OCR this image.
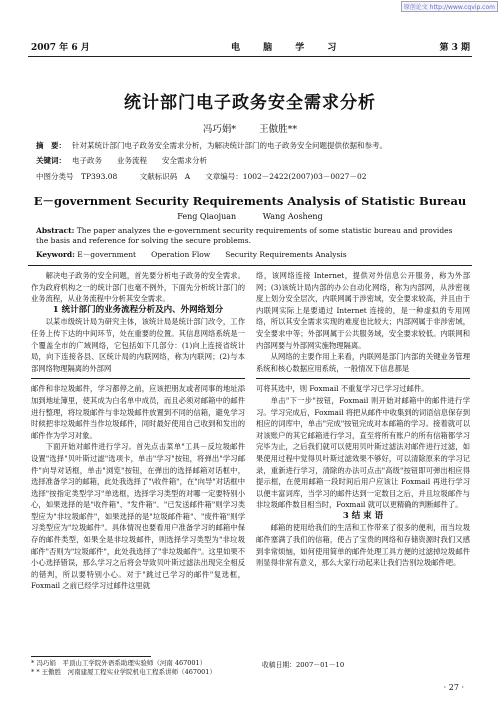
原创论文 http://www.cqvip.com
2007 年 6 月	电 脑 学 习	第 3 期
统计部门电子政务安全需求分析
冯巧娟* 王傲胜**
摘　要： 针对某统计部门电子政务安全需求分析，为解决统计部门的电子政务安全问题提供依据和参考。
关键词： 电子政务　　业务流程　　安全需求分析
中图分类号　TP393.08　　　文献标识码　A　　文章编号：1002－2422(2007)03－0027－02
E－government Security Requirements Analysis of Statistic Bureau
Feng Qiaojuan	Wang Aosheng
Abstract: The paper analyzes the e-government security requirements of some statistic bureau and provides the basis and reference for solving the secure problems.
Keyword: E－government　　Operation Flow　　Security Requirements Analysis

解决电子政务的安全问题，首先要分析电子政务的安全需求。作为政府机构之一的统计部门也毫不例外，下面先分析统计部门的业务流程，从业务流程中分析其安全需求。

1 统计部门的业务流程分析及内、外网络划分

以某市级统计局为研究主体，该统计局是统计部门改令，工作任务上传下达的中间环节，处在重要的位置。其信息网络系统是一个覆盖全市的广域网络，它包括如下几部分：(1)向上连接省统计局，向下连接各县、区统计局的内联网络，称为内联网；(2)与本部网络物理隔离的外部网

邮件和非垃圾邮件，学习都停之前，应该把朋友或者同事的地址添加到地址簿里，使其成为白名单中成员，而且必须对邮箱中的邮件进行整理，将垃圾邮件与非垃圾邮件放置到不同的信箱，避免学习时候把非垃圾邮件当作垃圾邮件，同时最好使用自己收到和发出的邮件作为学习对象。

下面开始对邮件进行学习。首先点击菜单"工具－反垃圾邮件设置"选择"贝叶斯过滤"选项卡，单击"学习"按钮，将弹出"学习邮件"向导对话框，单击"浏览"按钮，在弹出的选择邮箱对话框中，选择准备学习的邮箱，此处我选择了"\收件箱"，在"向导"对话框中选择"按指定类型学习"单选框，选择学习类型的对哪一定要特别小心，如果选择的是"收件箱"、"发件箱"、"已发送邮件箱"则学习类型应为"非垃圾邮件"，如果选择的是"垃圾邮件箱"、"废件箱"则学习类型应为"垃圾邮件"。具体情况也要看用户准备学习的邮箱中保存的邮件类型，如果全是非垃圾邮件，则选择学习类型为"非垃圾邮件"否则为"垃圾邮件"，此处我选择了"非垃圾邮件"。这里如果不小心选择错误，那么学习之后将会导致贝叶斯过滤法出现完全相反的错判，所以要特别小心。对于"跳过已学习的邮件"复选框，Foxmail 之前已经学习过邮件这里就

络，该网络连接 Internet，提供对外信息公开服务，称为外部网；(3)该统计局内部的办公自动化网络，称为内部网，从涉密视度上划分安全层次，内联网属于涉密域，安全要求较高，并且由于内联网实际上是要通过 Internet 连接的，是一种虚拟的专用网络，所以其安全需求实现的难度也比较大；内部网属于非涉密域，安全要求中等；外部网属于公共服务域，安全要求较低。内联网和内部网要与外部网实施物理隔离。

从网络的主要作用上来看，内联网是部门内部的关键业务管理系统和核心数据应用系统，一般情况下信息都是

可将其选中，则 Foxmail 不重复学习已学习过邮件。

单击"下一步"按钮，Foxmail 则开始对邮箱中的邮件进行学习。学习完成后，Foxmail 将把从邮件中收集到的词语信息保存到相应的词库中，单击"完成"按钮完成对本邮箱的学习。接着就可以对该账户的其它邮箱进行学习，直至将所有账户的所有信箱都学习完毕为止，之后我们就可以使用贝叶斯过滤法对邮件进行过滤，如果使用过程中觉得贝叶斯过滤效果不够好，可以清除原来的学习记录，重新进行学习，清除的办法可点击"高级"按钮即可弹出相应得提示框，在使用邮箱一段时间后用户应该让 Foxmail 再进行学习以便丰富词库，当学习的邮件达到一定数目之后，并且垃圾邮件与非垃圾邮件数目相当时，Foxmail 就可以更精确的判断邮件了。

3 结 束 语

邮箱的使用给我们的生活和工作带来了很多的便利，而当垃圾邮件塞满了我们的信箱，使占了宝贵的网络和存储资源时我们又感到非常烦恼，如何使用简单的邮件处理工具方便的过滤掉垃圾邮件则显得非常有意义，那么大家行动起来让我们告别垃圾邮件吧。

* 冯巧娟　平顶山工学院外语系助理实验师（河南 467001）
* * 王傲胜　河南建厦工程实业学院机电工程系讲师（467001）
收稿日期：2007－01－10
· 27 ·
